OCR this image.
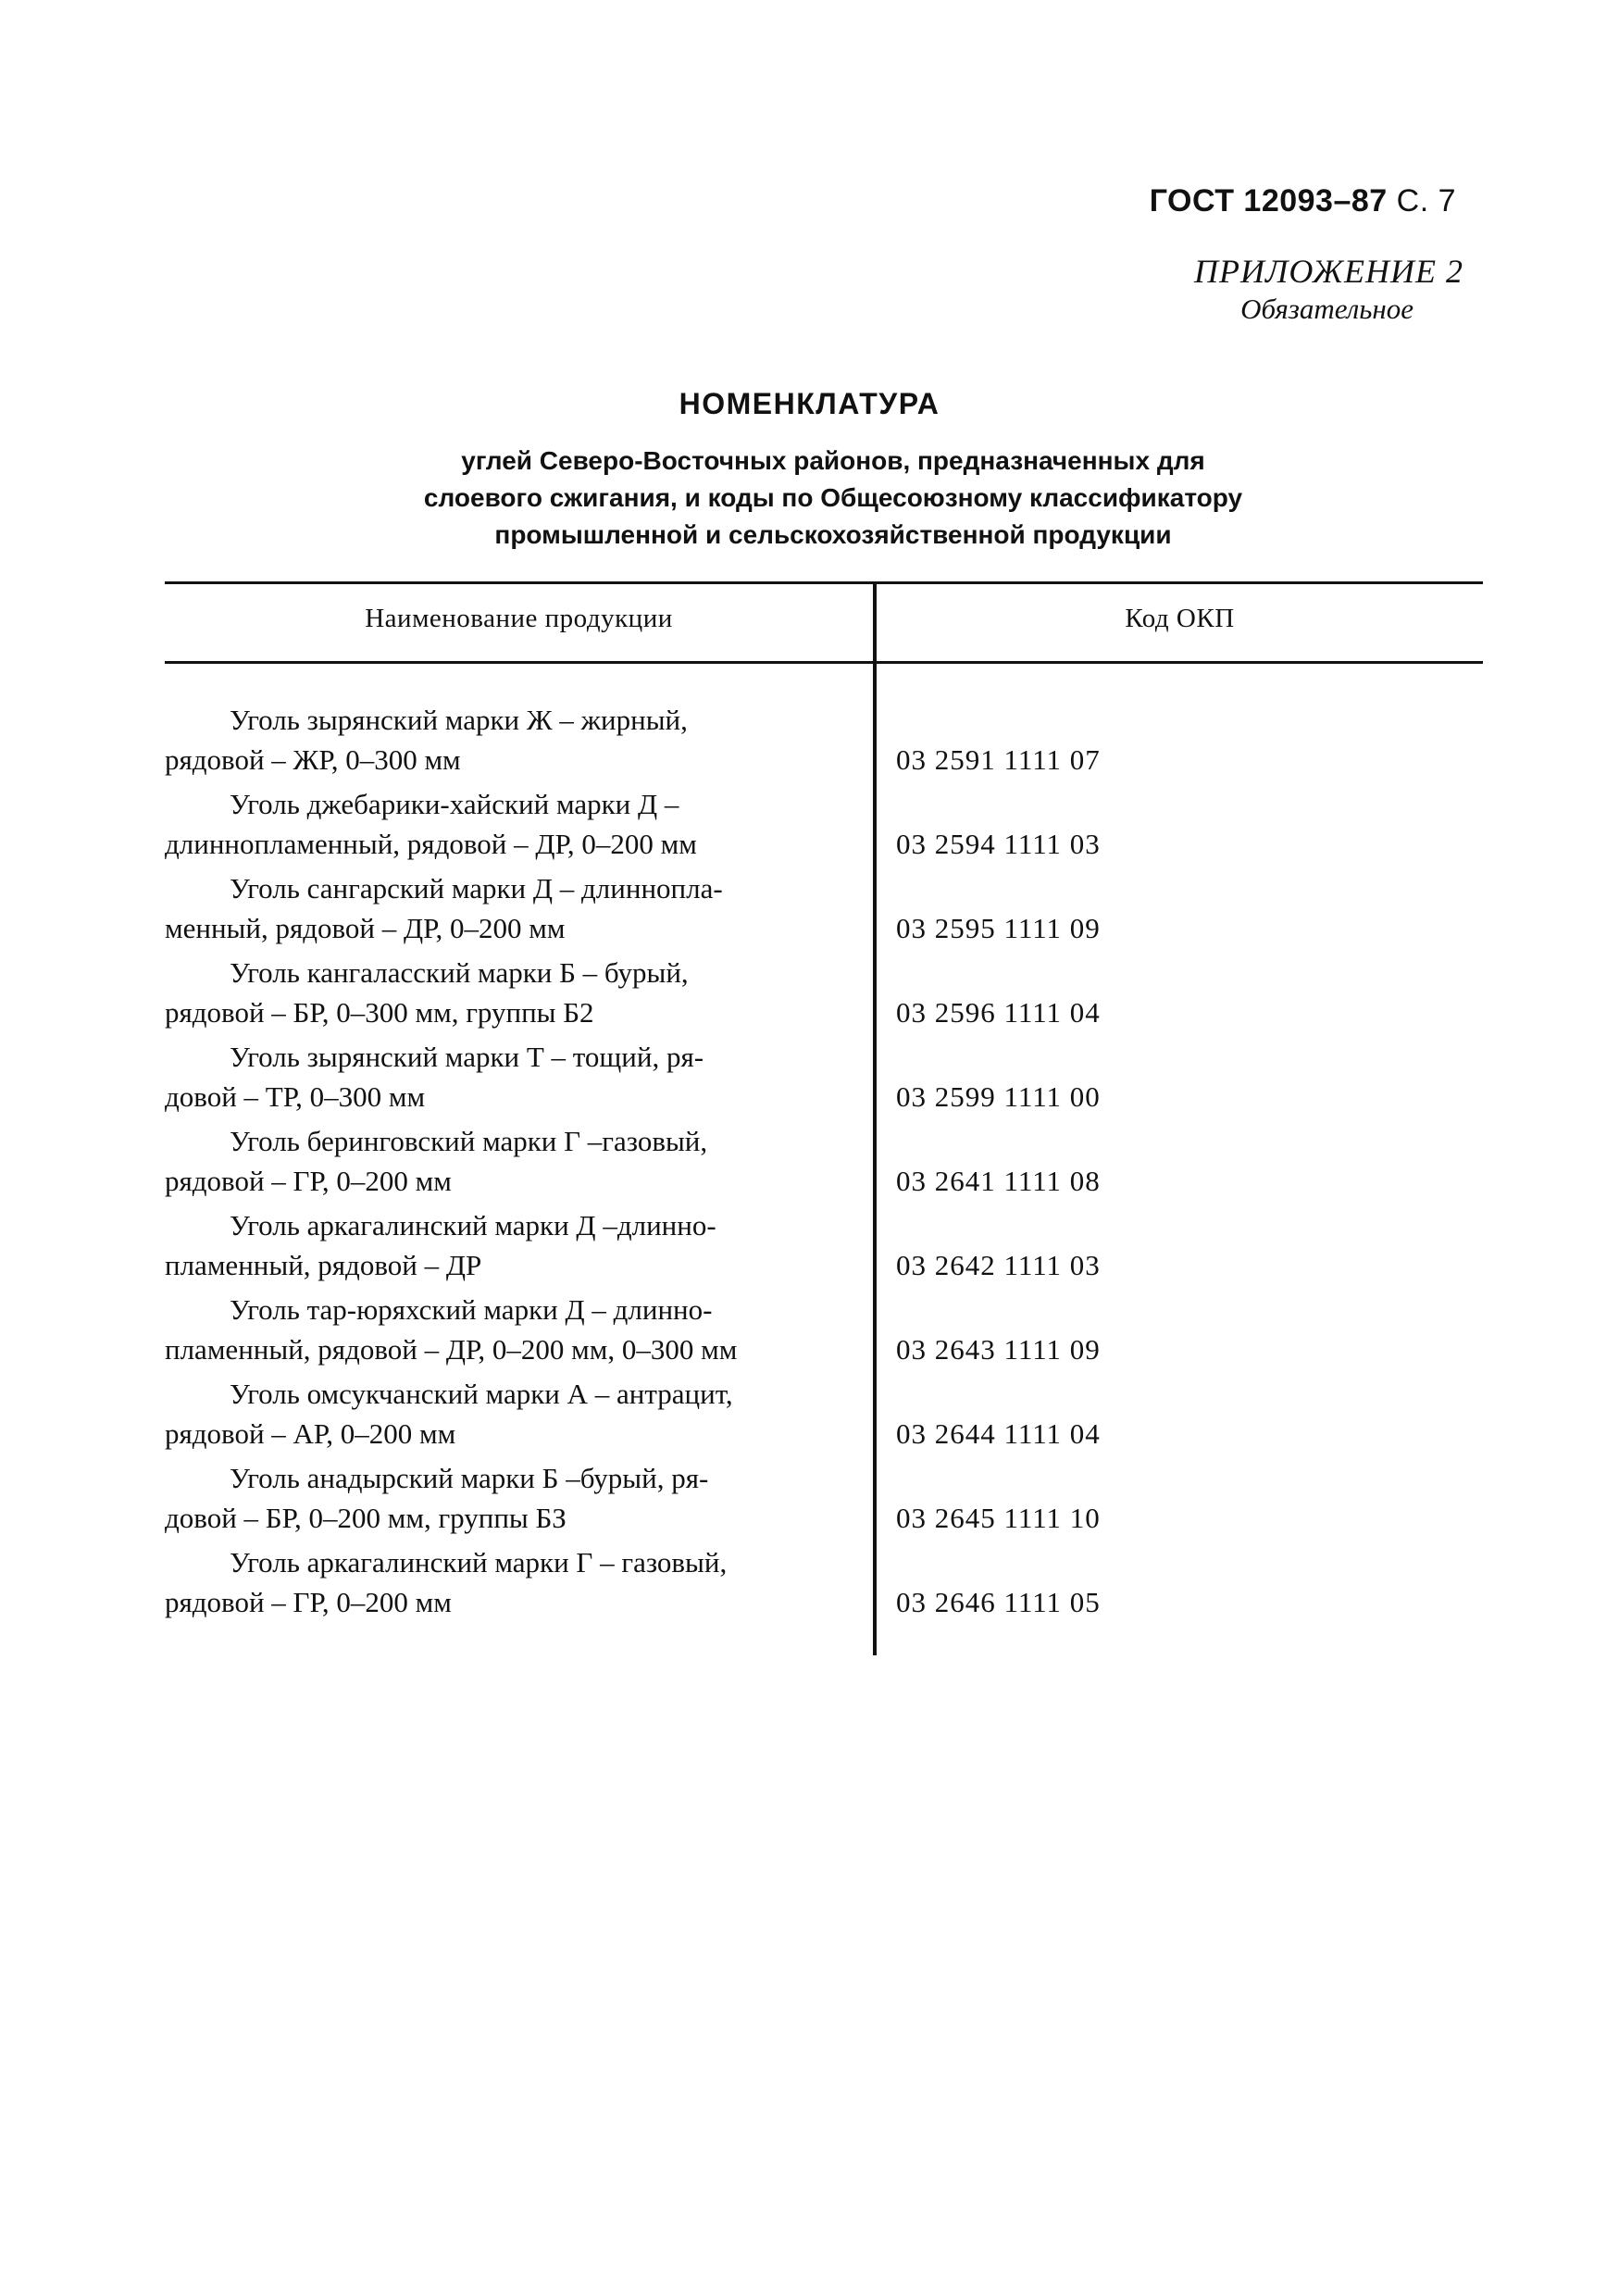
ГОСТ 12093–87 С. 7
ПРИЛОЖЕНИЕ 2
Обязательное
НОМЕНКЛАТУРА
углей Северо-Восточных районов, предназначенных для
слоевого сжигания, и коды по Общесоюзному классификатору
промышленной и сельскохозяйственной продукции
Наименование продукции	Код ОКП
Уголь зырянский марки Ж – жирный,
рядовой – ЖР, 0–300 мм	03 2591 1111 07
Уголь джебарики-хайский марки Д –
длиннопламенный, рядовой – ДР, 0–200 мм	03 2594 1111 03
Уголь сангарский марки Д – длиннопла-
менный, рядовой – ДР, 0–200 мм	03 2595 1111 09
Уголь кангаласский марки Б – бурый,
рядовой – БР, 0–300 мм, группы Б2	03 2596 1111 04
Уголь зырянский марки Т – тощий, ря-
довой – ТР, 0–300 мм	03 2599 1111 00
Уголь беринговский марки Г –газовый,
рядовой – ГР, 0–200 мм	03 2641 1111 08
Уголь аркагалинский марки Д –длинно-
пламенный, рядовой – ДР	03 2642 1111 03
Уголь тар-юряхский марки Д – длинно-
пламенный, рядовой – ДР, 0–200 мм, 0–300 мм	03 2643 1111 09
Уголь омсукчанский марки А – антрацит,
рядовой – АР, 0–200 мм	03 2644 1111 04
Уголь анадырский марки Б –бурый, ря-
довой – БР, 0–200 мм, группы БЗ	03 2645 1111 10
Уголь аркагалинский марки Г – газовый,
рядовой – ГР, 0–200 мм	03 2646 1111 05
